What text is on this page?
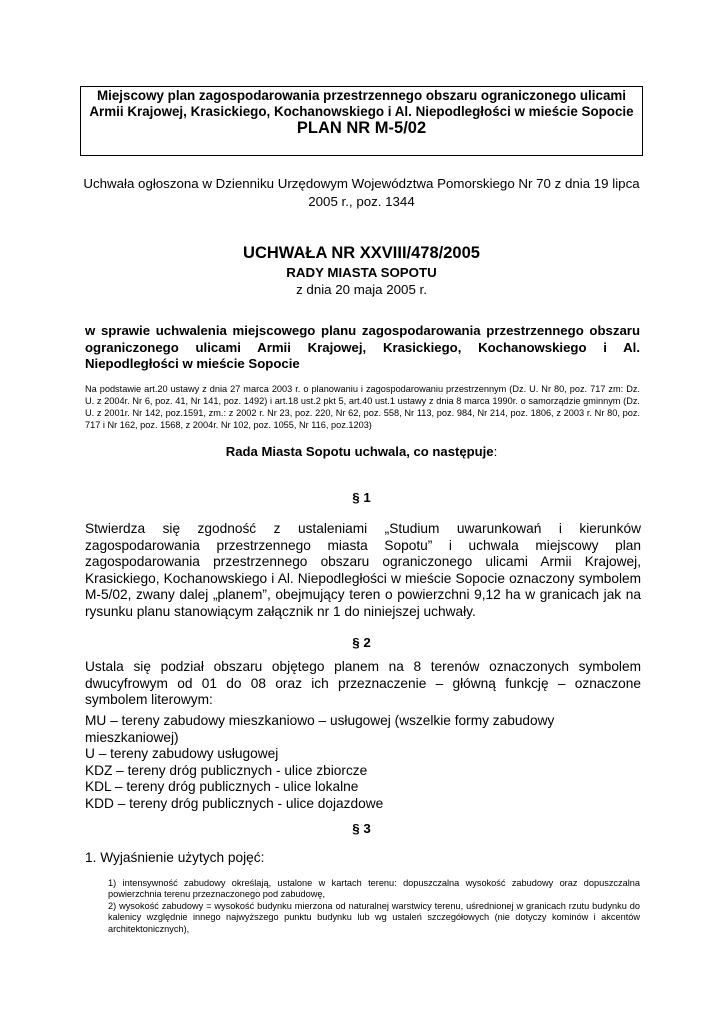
Miejscowy plan zagospodarowania przestrzennego obszaru ograniczonego ulicami Armii Krajowej, Krasickiego, Kochanowskiego i Al. Niepodległości w mieście Sopocie
PLAN NR M-5/02
Uchwała ogłoszona w Dzienniku Urzędowym Województwa Pomorskiego Nr 70 z dnia 19 lipca 2005 r., poz. 1344
UCHWAŁA NR XXVIII/478/2005
RADY MIASTA SOPOTU
z dnia 20 maja 2005 r.
w sprawie uchwalenia miejscowego planu zagospodarowania przestrzennego obszaru ograniczonego ulicami Armii Krajowej, Krasickiego, Kochanowskiego i Al. Niepodległości w mieście Sopocie
Na podstawie art.20 ustawy z dnia 27 marca 2003 r. o planowaniu i zagospodarowaniu przestrzennym (Dz. U. Nr 80, poz. 717 zm: Dz. U. z 2004r. Nr 6, poz. 41, Nr 141, poz. 1492) i art.18 ust.2 pkt 5, art.40 ust.1 ustawy z dnia 8 marca 1990r. o samorządzie gminnym (Dz. U. z 2001r. Nr 142, poz.1591, zm.: z 2002 r. Nr 23, poz. 220, Nr 62, poz. 558, Nr 113, poz. 984, Nr 214, poz. 1806, z 2003 r. Nr 80, poz. 717 i Nr 162, poz. 1568, z 2004r. Nr 102, poz. 1055, Nr 116, poz.1203)
Rada Miasta Sopotu uchwala, co następuje:
§ 1
Stwierdza się zgodność z ustaleniami „Studium uwarunkowań i kierunków zagospodarowania przestrzennego miasta Sopotu” i uchwala miejscowy plan zagospodarowania przestrzennego obszaru ograniczonego ulicami Armii Krajowej, Krasickiego, Kochanowskiego i Al. Niepodległości w mieście Sopocie oznaczony symbolem M-5/02, zwany dalej „planem”, obejmujący teren o powierzchni 9,12 ha w granicach jak na rysunku planu stanowiącym załącznik nr 1 do niniejszej uchwały.
§ 2
Ustala się podział obszaru objętego planem na 8 terenów oznaczonych symbolem dwucyfrowym od 01 do 08 oraz ich przeznaczenie – główną funkcję – oznaczone symbolem literowym:
MU – tereny zabudowy mieszkaniowo – usługowej (wszelkie formy zabudowy mieszkaniowej)
U – tereny zabudowy usługowej
KDZ – tereny dróg publicznych - ulice zbiorcze
KDL – tereny dróg publicznych - ulice lokalne
KDD – tereny dróg publicznych - ulice dojazdowe
§ 3
1. Wyjaśnienie użytych pojęć:

1) intensywność zabudowy określają, ustalone w kartach terenu: dopuszczalna wysokość zabudowy oraz dopuszczalna powierzchnia terenu przeznaczonego pod zabudowę,

2) wysokość zabudowy = wysokość budynku mierzona od naturalnej warstwicy terenu, uśrednionej w granicach rzutu budynku do kalenicy względnie innego najwyższego punktu budynku lub wg ustaleń szczegółowych (nie dotyczy kominów i akcentów architektonicznych),
